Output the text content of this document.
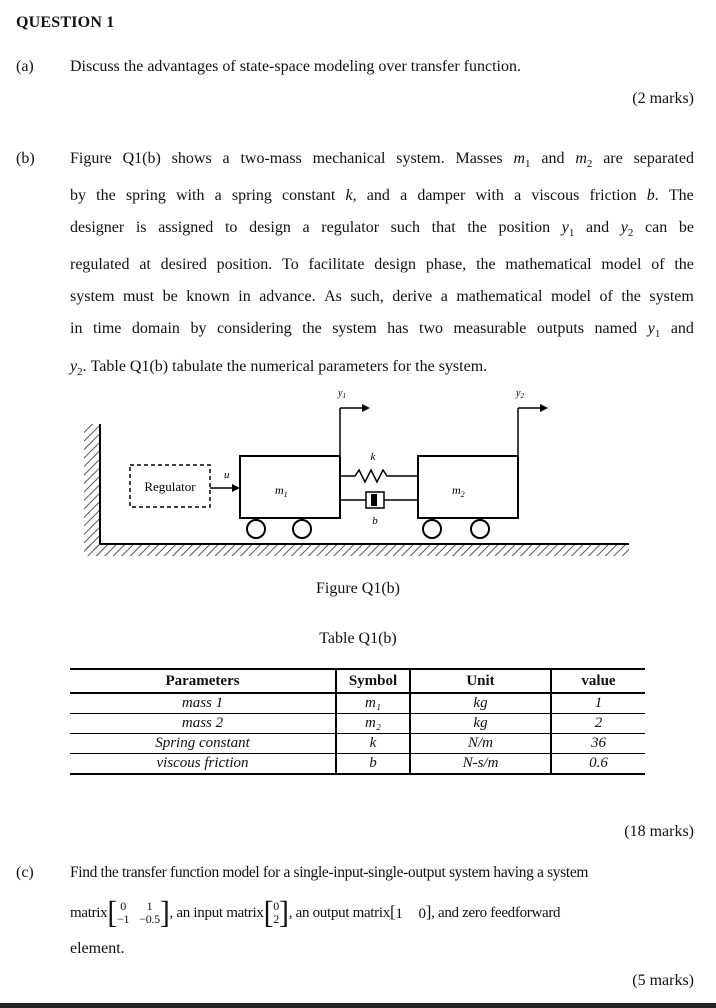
QUESTION 1
(a) Discuss the advantages of state-space modeling over transfer function.
(2 marks)
(b) Figure Q1(b) shows a two-mass mechanical system. Masses $m_1$ and $m_2$ are separated
by the spring with a spring constant k, and a damper with a viscous friction b. The
designer is assigned to design a regulator such that the position $y_1$ and $y_2$ can be
regulated at desired position. To facilitate design phase, the mathematical model of the
system must be known in advance. As such, derive a mathematical model of the system
in time domain by considering the system has two measurable outputs named $y_1$ and
$y_2$. Table Q1(b) tabulate the numerical parameters for the system.
Regulator
u
$m_1$	$m_2$
k
b
$y_1$	$y_2$
Figure Q1(b)
Table Q1(b)
Parameters	Symbol	Unit	value
mass 1	m₁	kg	1
mass 2	m₂	kg	2
Spring constant	k	N/m	36
viscous friction	b	N-s/m	0.6
(18 marks)
(c) Find the transfer function model for a single-input-single-output system having a system
matrix [ 0	1
−1 −0.5 ] , an input matrix [ 0
2 ] , an output matrix [ 1 0 ] , and zero feedforward
element.
(5 marks)
